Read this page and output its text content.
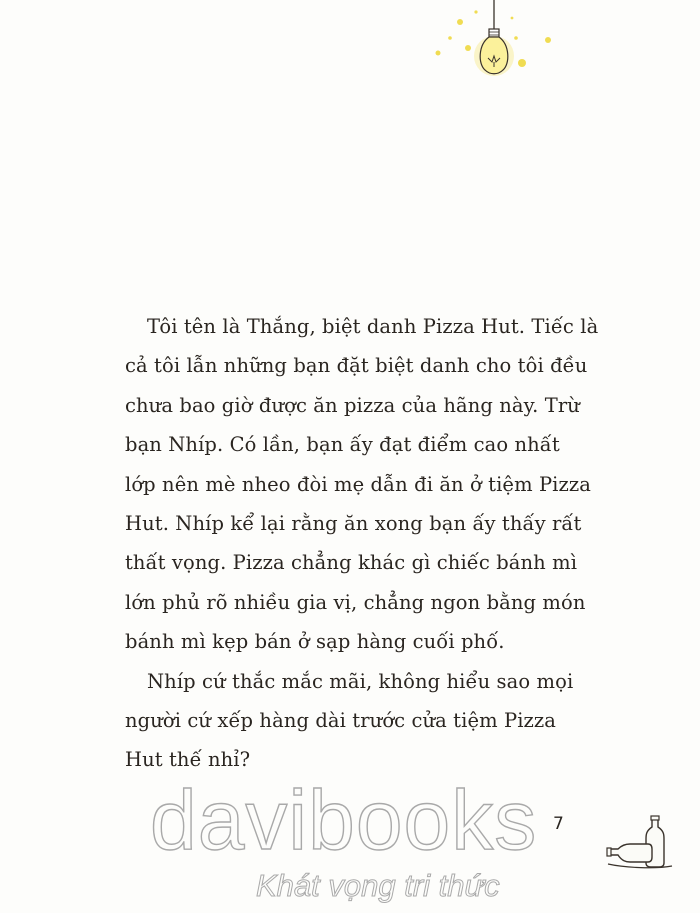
Tôi tên là Thắng, biệt danh Pizza Hut. Tiếc là
cả tôi lẫn những bạn đặt biệt danh cho tôi đều
chưa bao giờ được ăn pizza của hãng này. Trừ
bạn Nhíp. Có lần, bạn ấy đạt điểm cao nhất
lớp nên mè nheo đòi mẹ dẫn đi ăn ở tiệm Pizza
Hut. Nhíp kể lại rằng ăn xong bạn ấy thấy rất
thất vọng. Pizza chẳng khác gì chiếc bánh mì
lớn phủ rõ nhiều gia vị, chẳng ngon bằng món
bánh mì kẹp bán ở sạp hàng cuối phố.

Nhíp cứ thắc mắc mãi, không hiểu sao mọi
người cứ xếp hàng dài trước cửa tiệm Pizza
Hut thế nhỉ?

davibooks
Khát vọng tri thức
7
